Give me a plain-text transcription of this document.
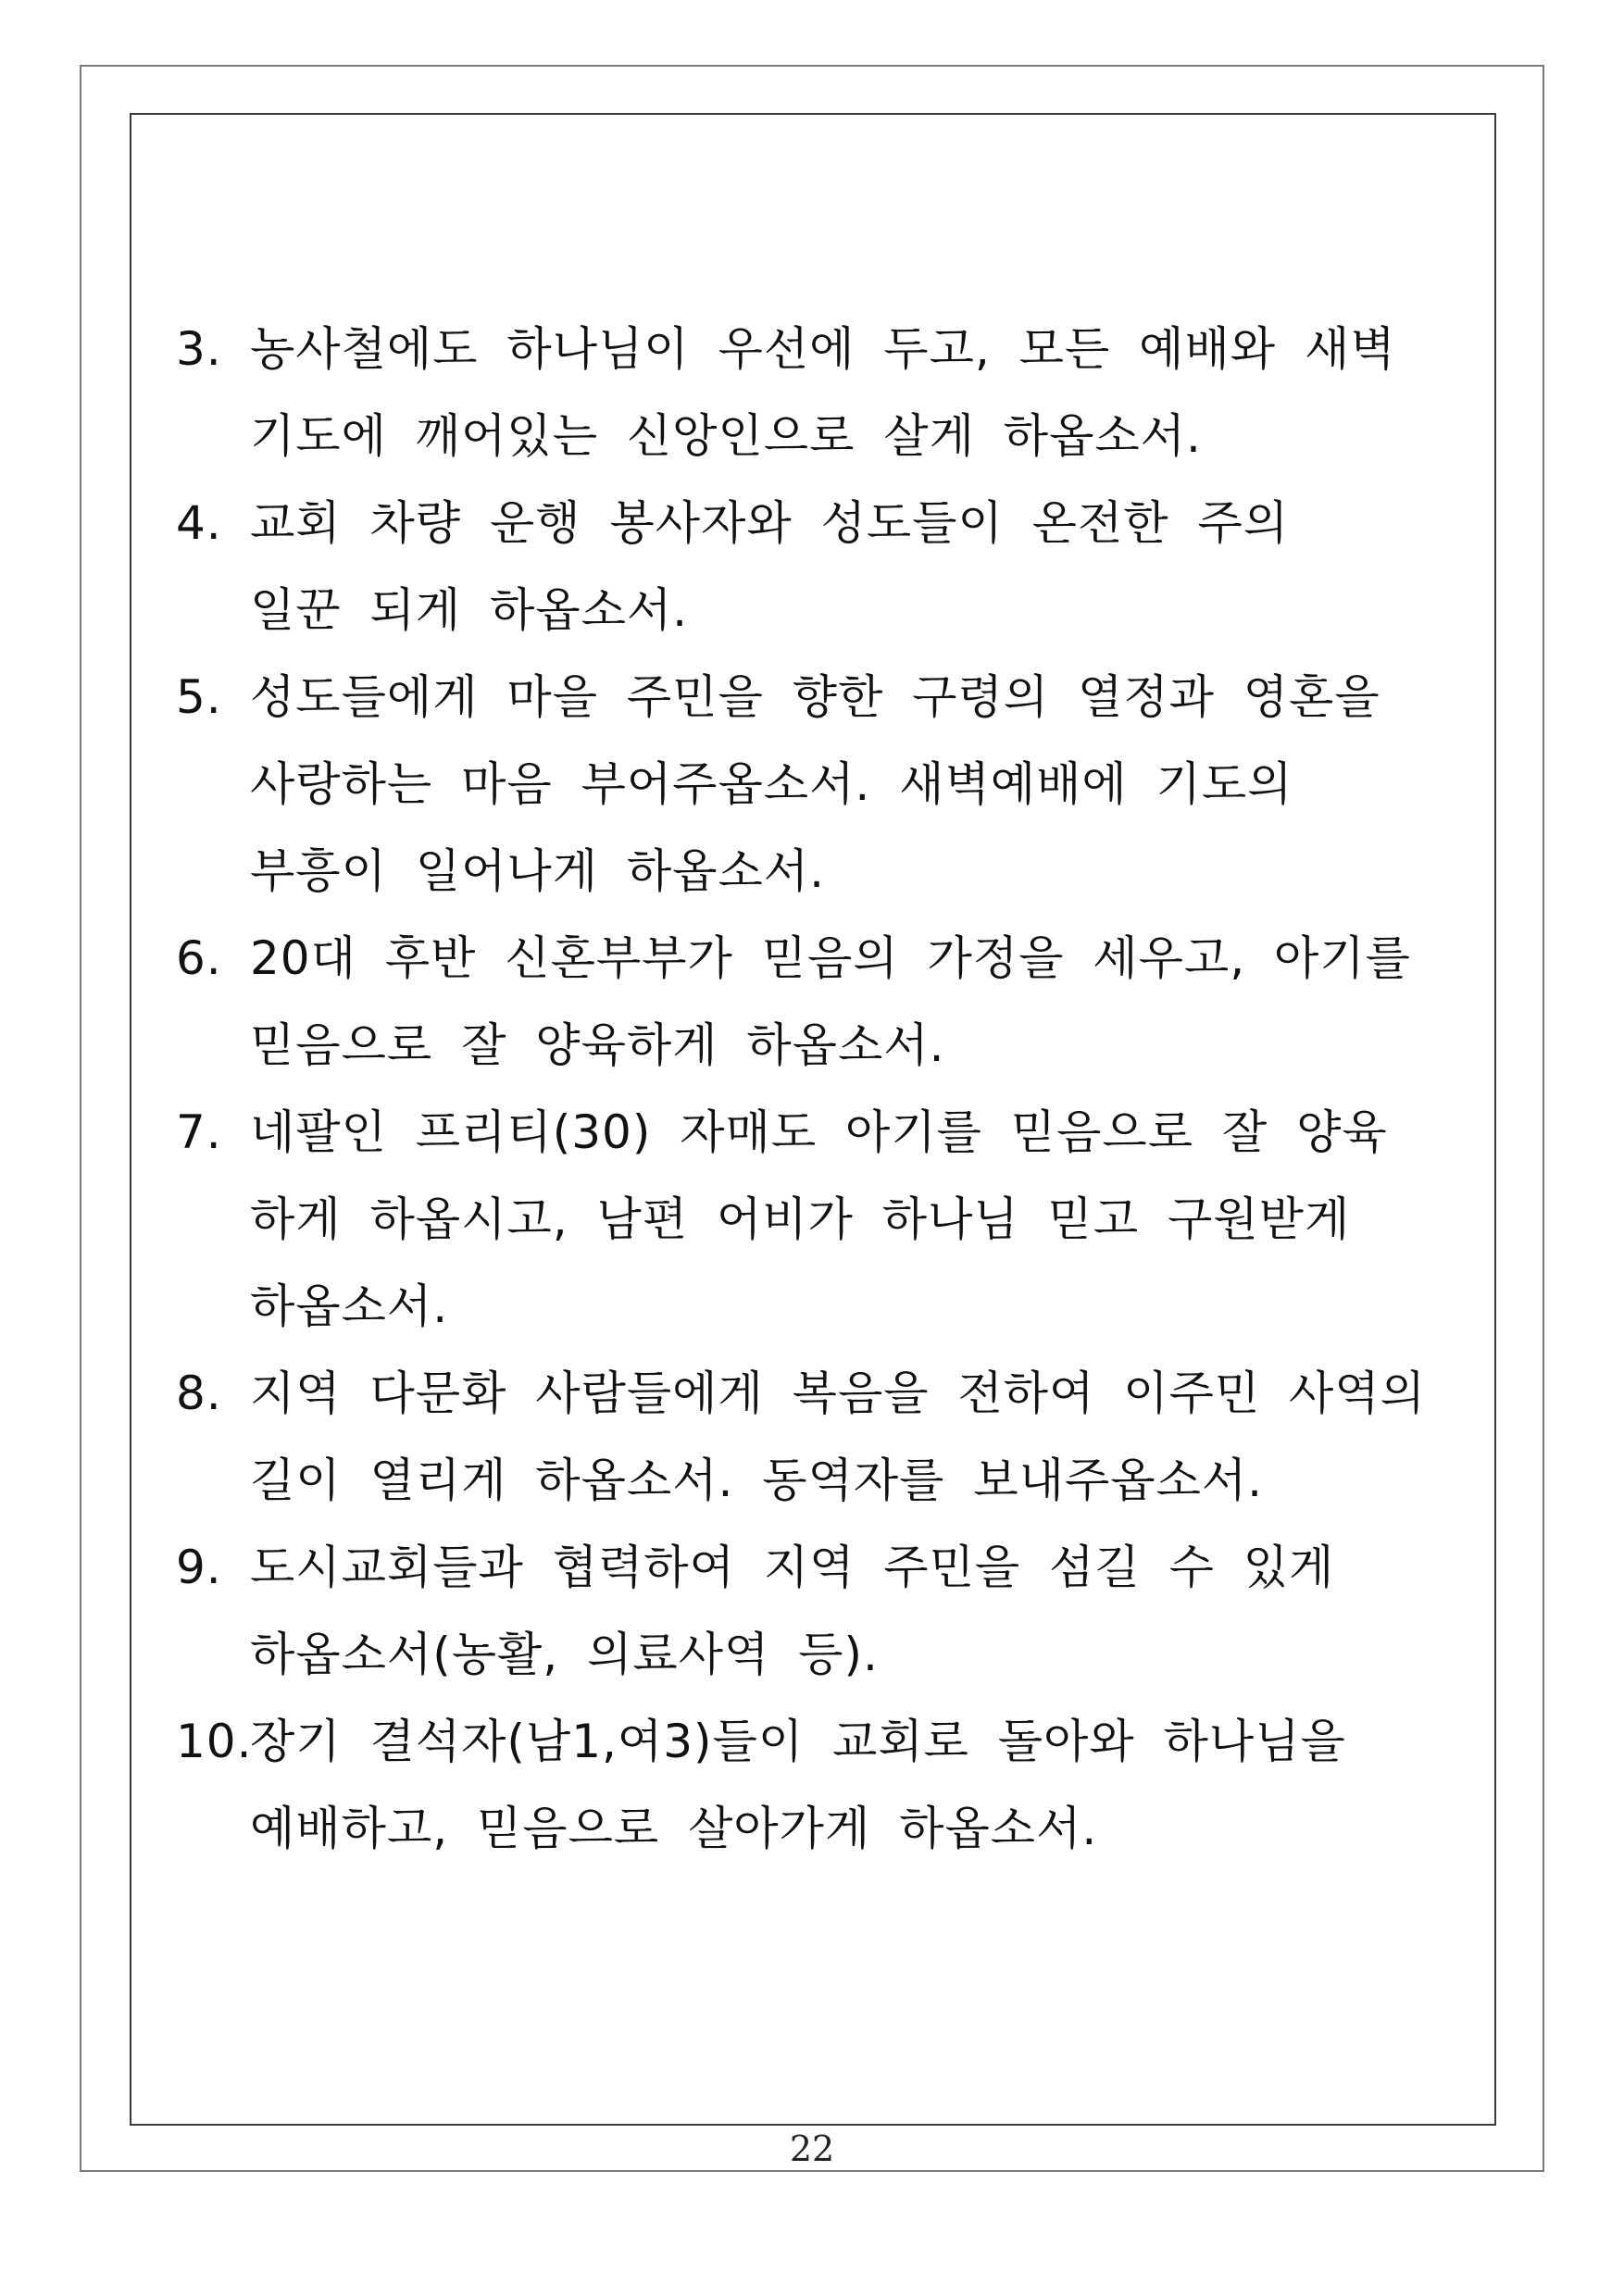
3. 농사철에도 하나님이 우선에 두고, 모든 예배와 새벽
기도에 깨어있는 신앙인으로 살게 하옵소서.
4. 교회 차량 운행 봉사자와 성도들이 온전한 주의
일꾼 되게 하옵소서.
5. 성도들에게 마을 주민을 향한 구령의 열정과 영혼을
사랑하는 마음 부어주옵소서. 새벽예배에 기도의
부흥이 일어나게 하옵소서.
6. 20대 후반 신혼부부가 믿음의 가정을 세우고, 아기를
믿음으로 잘 양육하게 하옵소서.
7. 네팔인 프리티(30) 자매도 아기를 믿음으로 잘 양육
하게 하옵시고, 남편 어비가 하나님 믿고 구원받게
하옵소서.
8. 지역 다문화 사람들에게 복음을 전하여 이주민 사역의
길이 열리게 하옵소서. 동역자를 보내주옵소서.
9. 도시교회들과 협력하여 지역 주민을 섬길 수 있게
하옵소서(농활, 의료사역 등).
10.
장기 결석자(남1,여3)들이 교회로 돌아와 하나님을
예배하고, 믿음으로 살아가게 하옵소서.
22
